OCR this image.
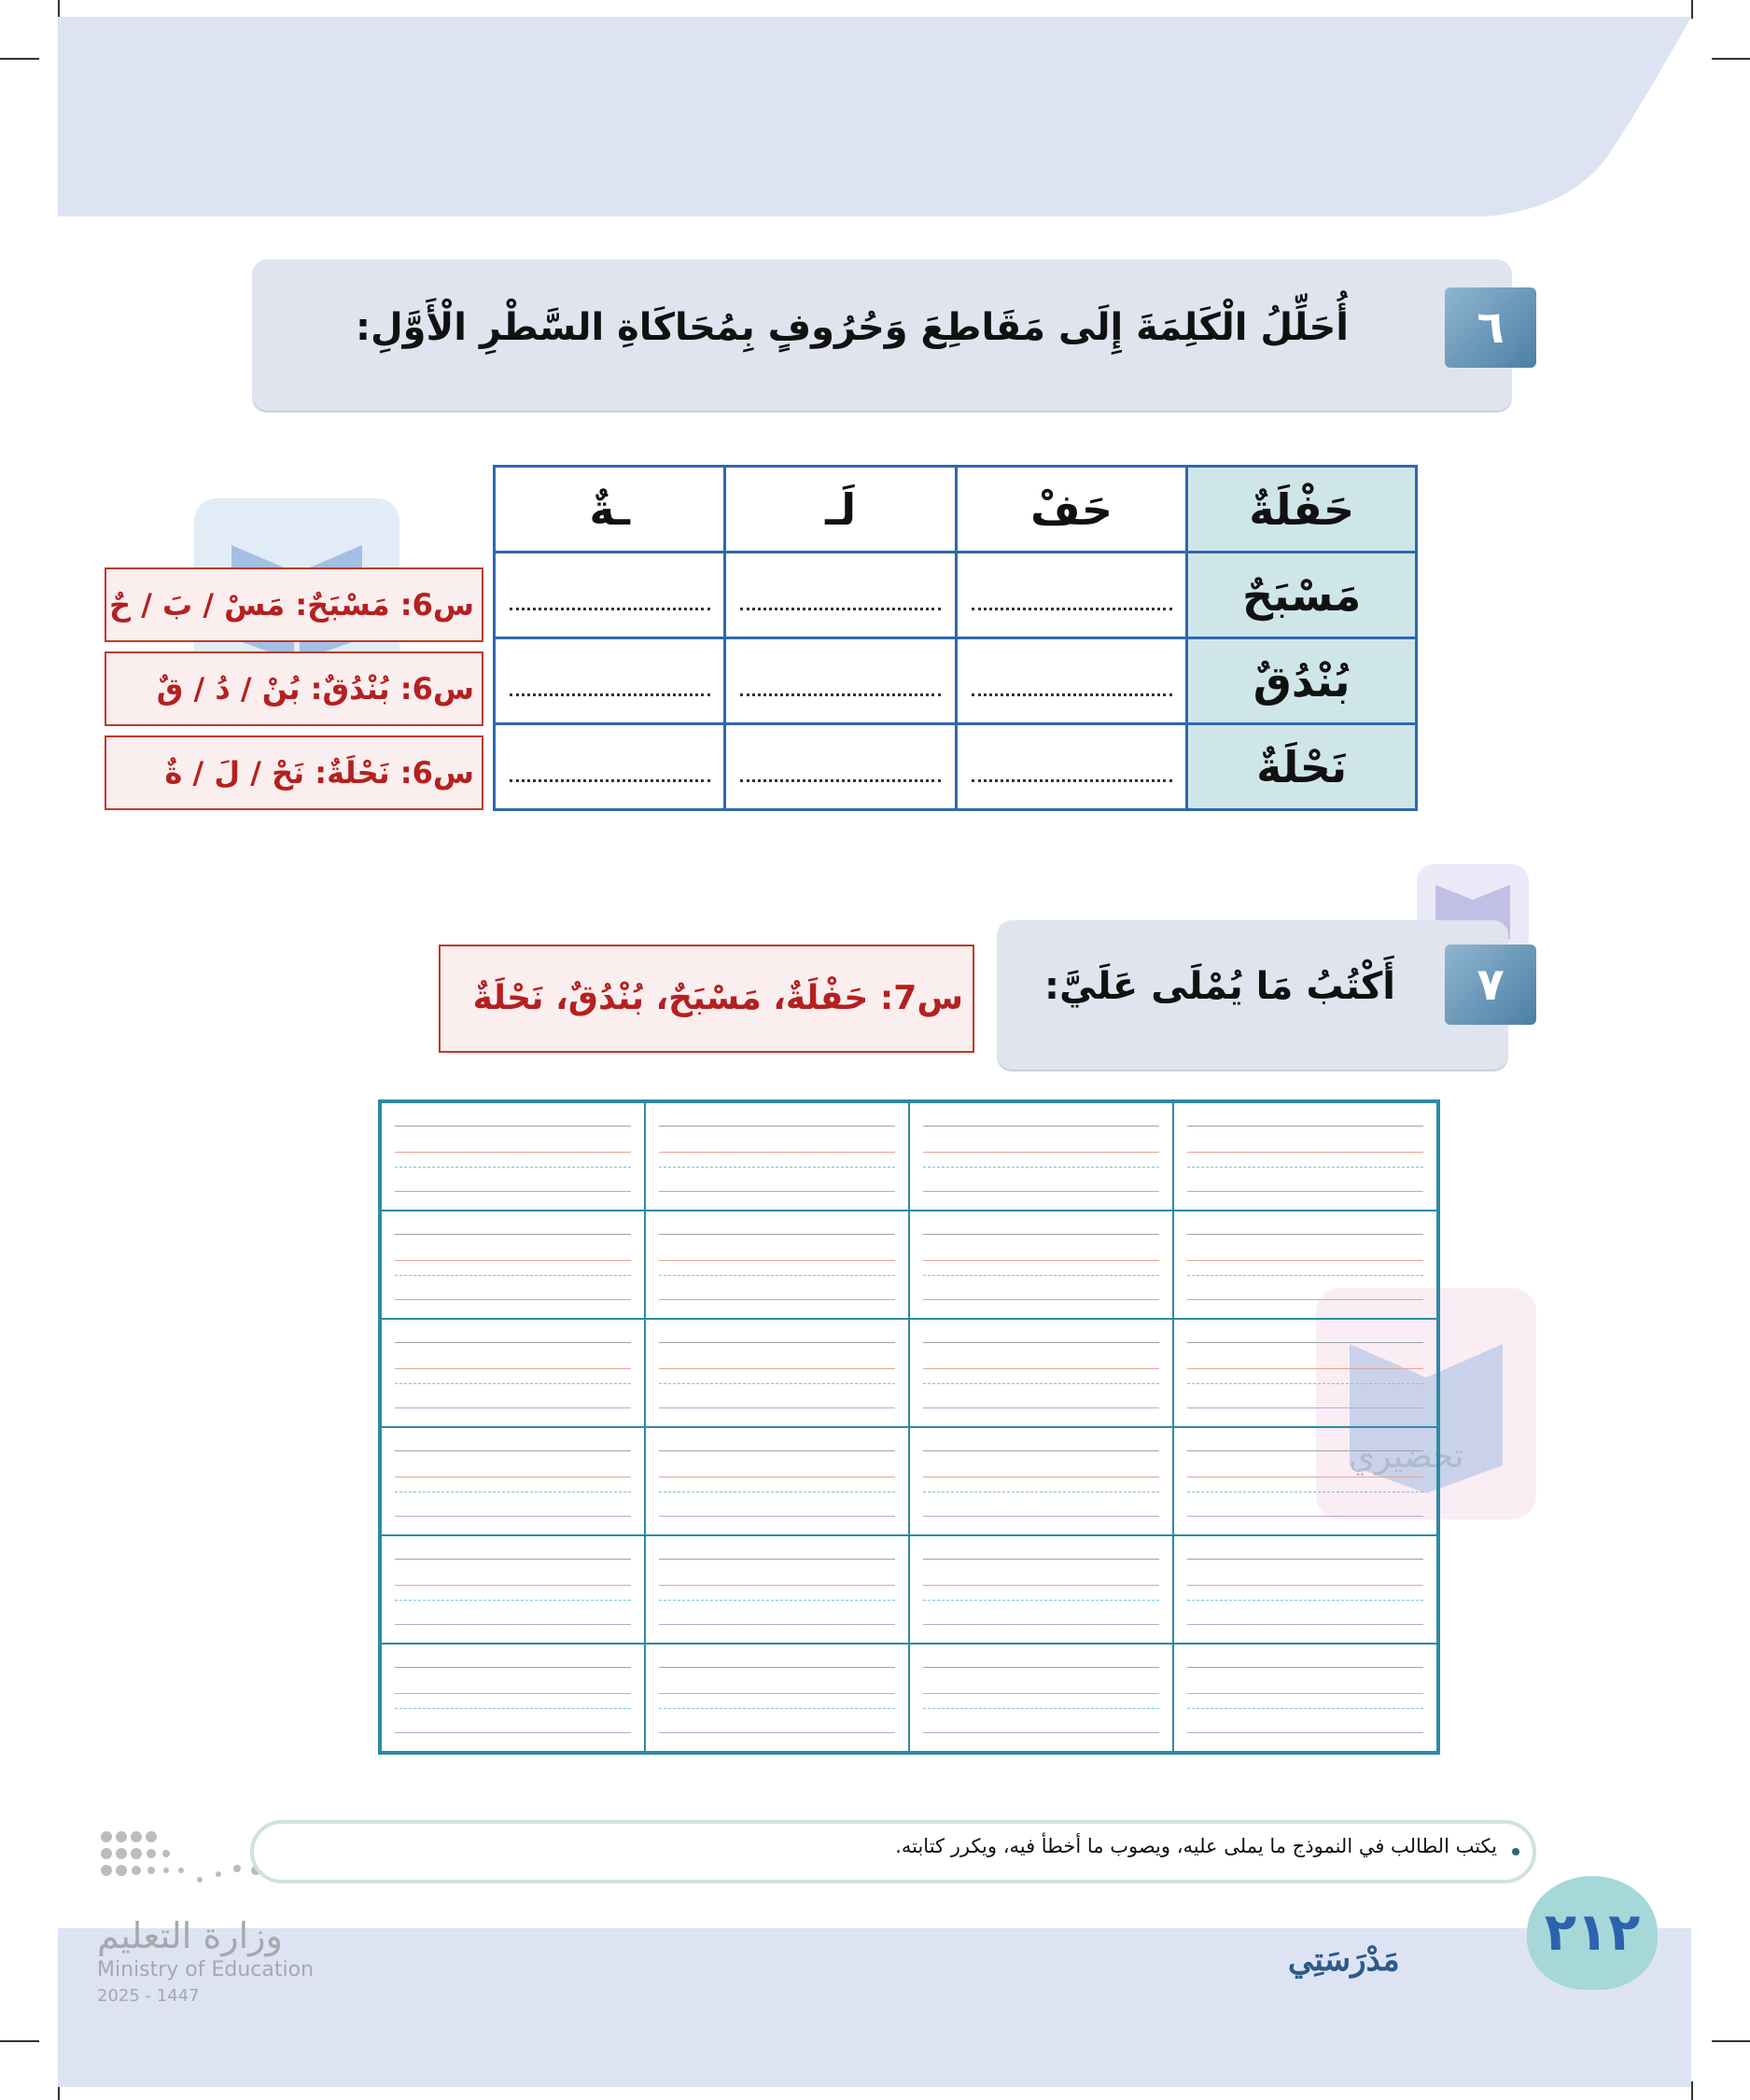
٦
أُحَلِّلُ الْكَلِمَةَ إِلَى مَقَاطِعَ وَحُرُوفٍ بِمُحَاكَاةِ السَّطْرِ الْأَوَّلِ:
تحضيري
حَفْلَةٌ	حَفْ	لَـ	ـةٌ
مَسْبَحٌ			
بُنْدُقٌ			
نَحْلَةٌ			
س6: مَسْبَحٌ: مَسْ / بَ / حٌ
س6: بُنْدُقٌ: بُنْ / دُ / قٌ
س6: نَحْلَةٌ: نَحْ / لَ / ةٌ
٧
أَكْتُبُ مَا يُمْلَى عَلَيَّ:
س7: حَفْلَةٌ، مَسْبَحٌ، بُنْدُقٌ، نَحْلَةٌ
وزارة التعليم
Ministry of Education
2025 - 1447
يكتب الطالب في النموذج ما يملى عليه، ويصوب ما أخطأ فيه، ويكرر كتابته.
مَدْرَسَتِي	٢١٢
